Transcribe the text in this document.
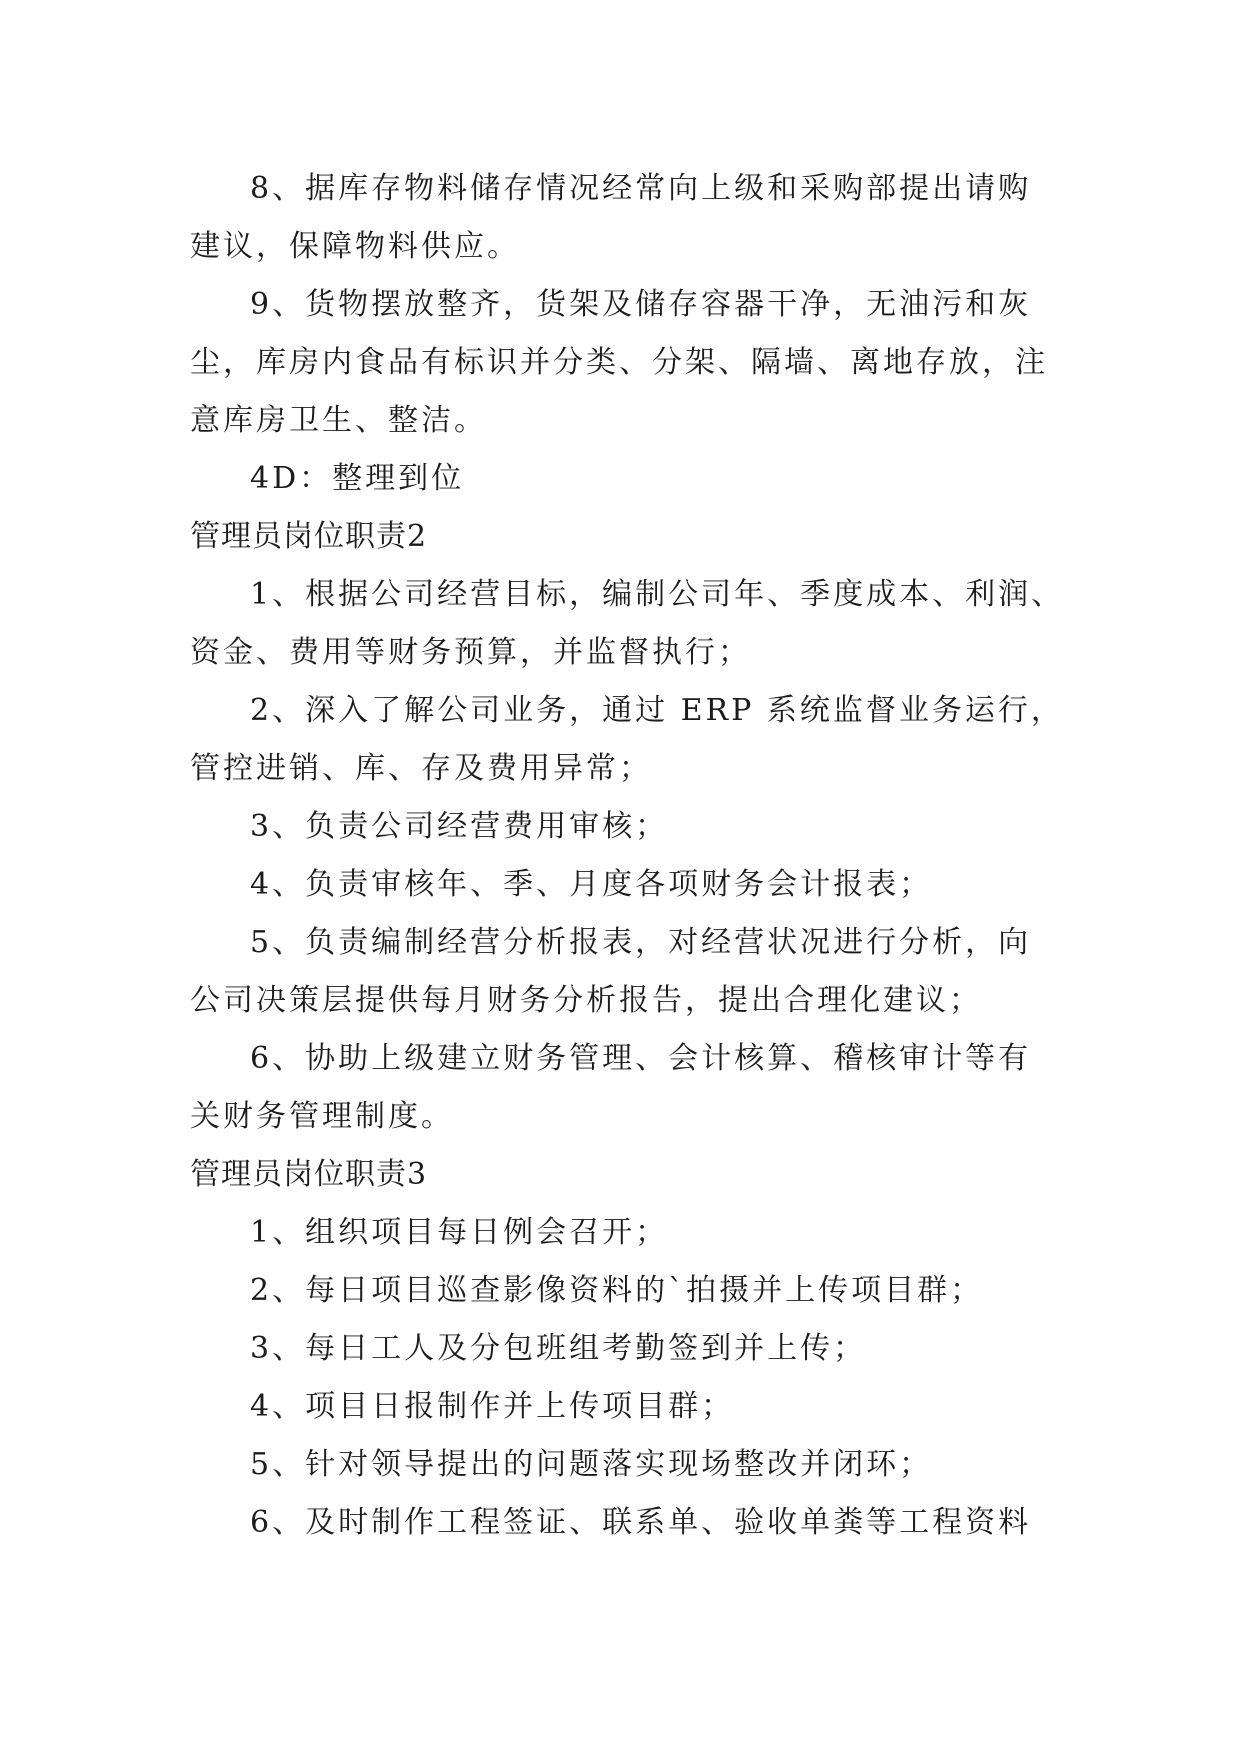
8、据库存物料储存情况经常向上级和采购部提出请购
建议，保障物料供应。
9、货物摆放整齐，货架及储存容器干净，无油污和灰
尘，库房内食品有标识并分类、分架、隔墙、离地存放，注
意库房卫生、整洁。
4D：整理到位
管理员岗位职责2
1、根据公司经营目标，编制公司年、季度成本、利润、
资金、费用等财务预算，并监督执行；
2、深入了解公司业务，通过 ERP 系统监督业务运行，
管控进销、库、存及费用异常；
3、负责公司经营费用审核；
4、负责审核年、季、月度各项财务会计报表；
5、负责编制经营分析报表，对经营状况进行分析，向
公司决策层提供每月财务分析报告，提出合理化建议；
6、协助上级建立财务管理、会计核算、稽核审计等有
关财务管理制度。
管理员岗位职责3
1、组织项目每日例会召开；
2、每日项目巡查影像资料的`拍摄并上传项目群；
3、每日工人及分包班组考勤签到并上传；
4、项目日报制作并上传项目群；
5、针对领导提出的问题落实现场整改并闭环；
6、及时制作工程签证、联系单、验收单粪等工程资料
